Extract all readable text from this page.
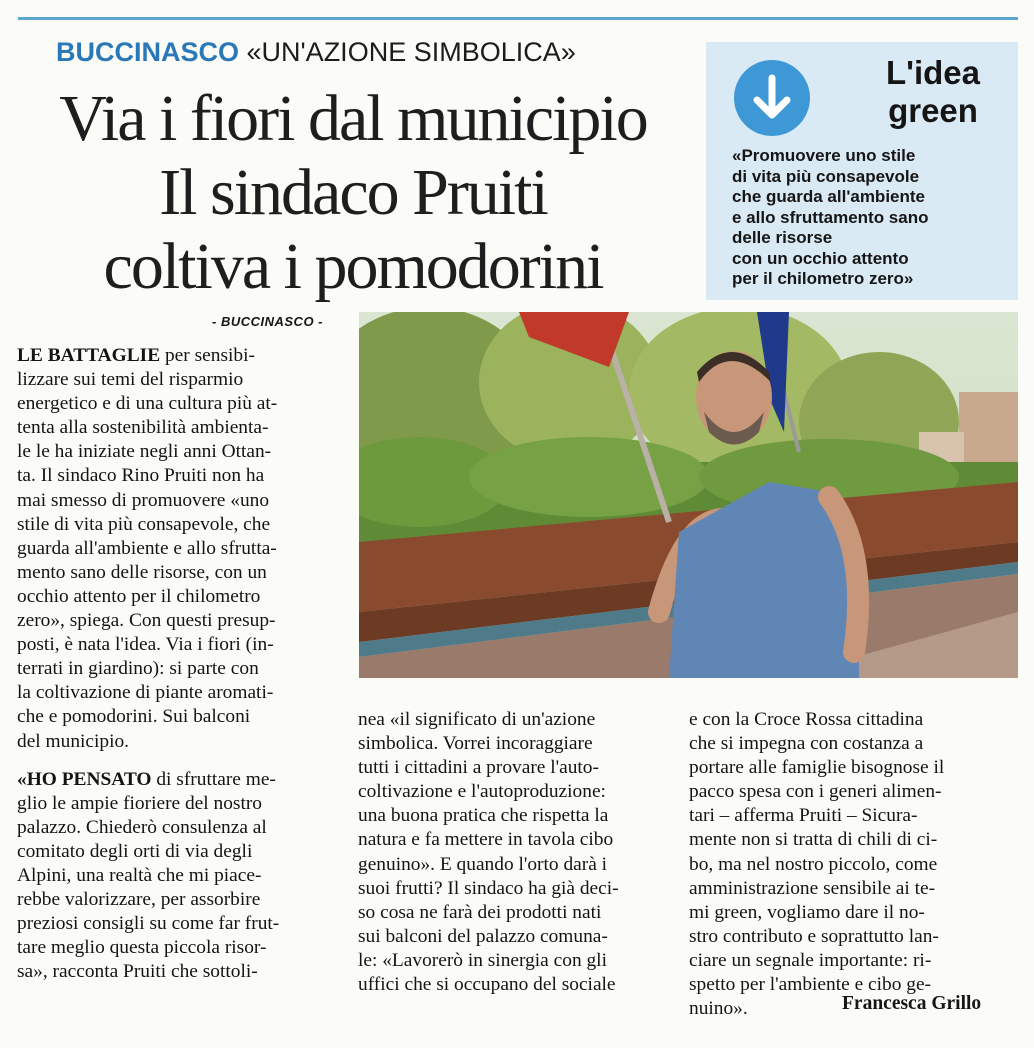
BUCCINASCO «UN'AZIONE SIMBOLICA»
Via i fiori dal municipio
Il sindaco Pruiti
coltiva i pomodorini
L'idea
green
«Promuovere uno stile
di vita più consapevole
che guarda all'ambiente
e allo sfruttamento sano
delle risorse
con un occhio attento
per il chilometro zero»
- BUCCINASCO -
LE BATTAGLIE per sensibi-
lizzare sui temi del risparmio
energetico e di una cultura più at-
tenta alla sostenibilità ambienta-
le le ha iniziate negli anni Ottan-
ta. Il sindaco Rino Pruiti non ha
mai smesso di promuovere «uno
stile di vita più consapevole, che
guarda all'ambiente e allo sfrutta-
mento sano delle risorse, con un
occhio attento per il chilometro
zero», spiega. Con questi presup-
posti, è nata l'idea. Via i fiori (in-
terrati in giardino): si parte con
la coltivazione di piante aromati-
che e pomodorini. Sui balconi
del municipio.
«HO PENSATO di sfruttare me-
glio le ampie fioriere del nostro
palazzo. Chiederò consulenza al
comitato degli orti di via degli
Alpini, una realtà che mi piace-
rebbe valorizzare, per assorbire
preziosi consigli su come far frut-
tare meglio questa piccola risor-
sa», racconta Pruiti che sottoli-
nea «il significato di un'azione
simbolica. Vorrei incoraggiare
tutti i cittadini a provare l'auto-
coltivazione e l'autoproduzione:
una buona pratica che rispetta la
natura e fa mettere in tavola cibo
genuino». E quando l'orto darà i
suoi frutti? Il sindaco ha già deci-
so cosa ne farà dei prodotti nati
sui balconi del palazzo comuna-
le: «Lavorerò in sinergia con gli
uffici che si occupano del sociale
e con la Croce Rossa cittadina
che si impegna con costanza a
portare alle famiglie bisognose il
pacco spesa con i generi alimen-
tari – afferma Pruiti – Sicura-
mente non si tratta di chili di ci-
bo, ma nel nostro piccolo, come
amministrazione sensibile ai te-
mi green, vogliamo dare il no-
stro contributo e soprattutto lan-
ciare un segnale importante: ri-
spetto per l'ambiente e cibo ge-
nuino».	Francesca Grillo
